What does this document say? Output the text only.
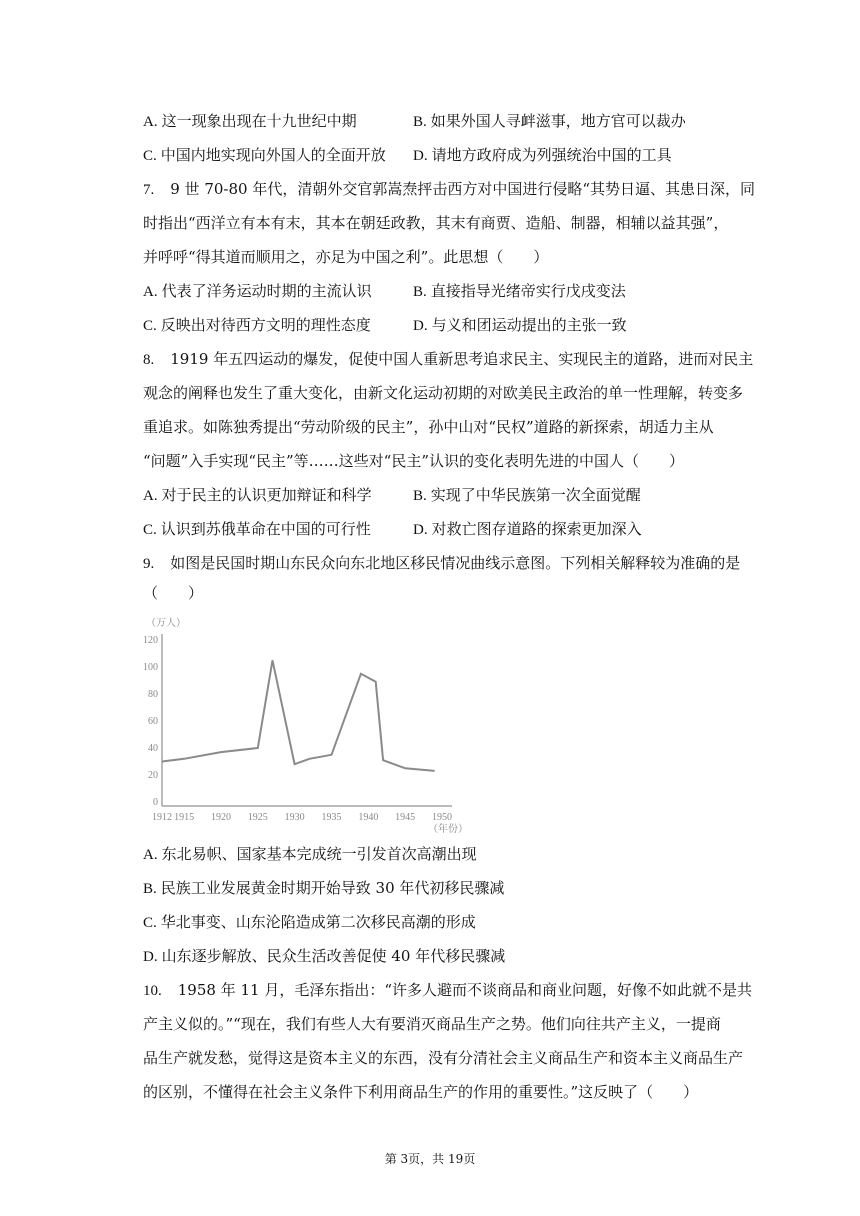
A. 这一现象出现在十九世纪中期	B. 如果外国人寻衅滋事，地方官可以裁办
C. 中国内地实现向外国人的全面开放 D. 请地方政府成为列强统治中国的工具
7. 9 世 70-80 年代，清朝外交官郭嵩焘抨击西方对中国进行侵略“其势日逼、其患日深，同
时指出“西洋立有本有末，其本在朝廷政教，其末有商贾、造船、制器，相辅以益其强”，
并呼呼“得其道而顺用之，亦足为中国之利”。此思想（　　）
A. 代表了洋务运动时期的主流认识	B. 直接指导光绪帝实行戊戌变法
C. 反映出对待西方文明的理性态度	D. 与义和团运动提出的主张一致
8. 1919 年五四运动的爆发，促使中国人重新思考追求民主、实现民主的道路，进而对民主
观念的阐释也发生了重大变化，由新文化运动初期的对欧美民主政治的单一性理解，转变多
重追求。如陈独秀提出“劳动阶级的民主”，孙中山对“民权”道路的新探索，胡适力主从
“问题”入手实现“民主”等……这些对“民主”认识的变化表明先进的中国人（　　）
A. 对于民主的认识更加辩证和科学	B. 实现了中华民族第一次全面觉醒
C. 认识到苏俄革命在中国的可行性	D. 对救亡图存道路的探索更加深入
9. 如图是民国时期山东民众向东北地区移民情况曲线示意图。下列相关解释较为准确的是
（　　）
（万人）
0
20
40
60
80
100
120
1912 1915 1920 1925 1930 1935 1940 1945 1950
（年份）
A. 东北易帜、国家基本完成统一引发首次高潮出现
B. 民族工业发展黄金时期开始导致 30 年代初移民骤减
C. 华北事变、山东沦陷造成第二次移民高潮的形成
D. 山东逐步解放、民众生活改善促使 40 年代移民骤减
10. 1958 年 11 月，毛泽东指出：“许多人避而不谈商品和商业问题，好像不如此就不是共
产主义似的。”“现在，我们有些人大有要消灭商品生产之势。他们向往共产主义，一提商
品生产就发愁，觉得这是资本主义的东西，没有分清社会主义商品生产和资本主义商品生产
的区别，不懂得在社会主义条件下利用商品生产的作用的重要性。”这反映了（　　）
第 3页，共 19页
